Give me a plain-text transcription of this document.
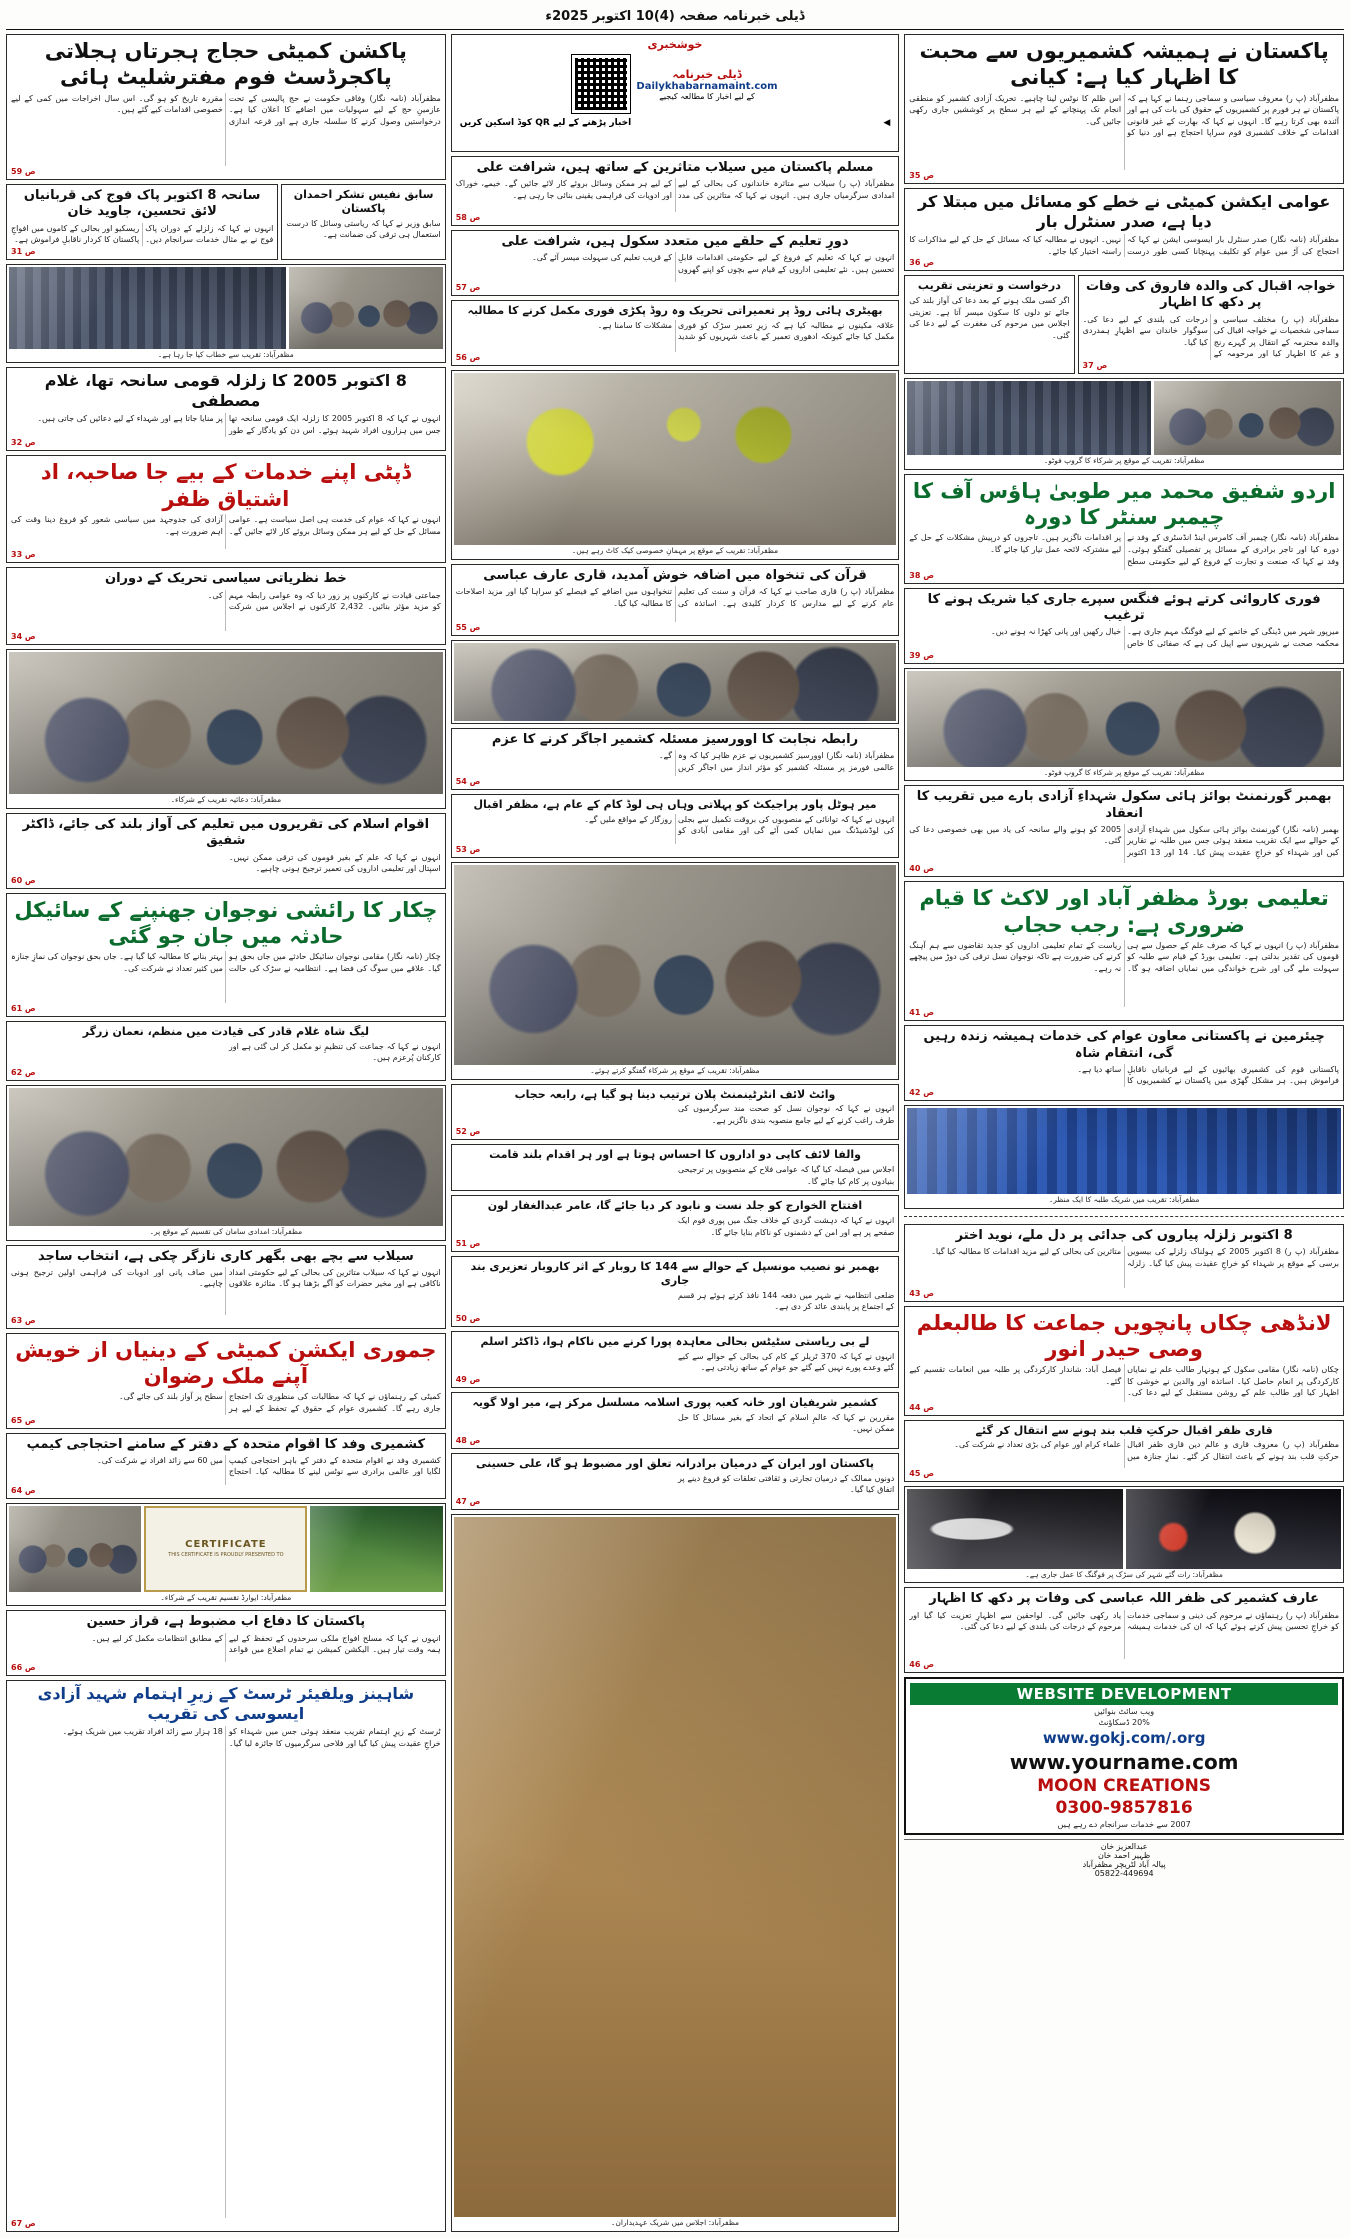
ڈیلی خبرنامہ صفحہ (4)10 اکتوبر 2025ء
پاکستان نے ہمیشہ کشمیریوں سے محبت کا اظہار کیا ہے: کیانی
مظفرآباد (پ ر) معروف سیاسی و سماجی رہنما نے کہا ہے کہ پاکستان نے ہر فورم پر کشمیریوں کے حقوق کی بات کی ہے اور آئندہ بھی کرتا رہے گا۔ انہوں نے کہا کہ بھارت کے غیر قانونی اقدامات کے خلاف کشمیری قوم سراپا احتجاج ہے اور دنیا کو اس ظلم کا نوٹس لینا چاہیے۔ تحریک آزادی کشمیر کو منطقی انجام تک پہنچانے کے لیے ہر سطح پر کوششیں جاری رکھی جائیں گی۔
35 ص
عوامی ایکشن کمیٹی نے خطے کو مسائل میں مبتلا کر دیا ہے، صدر سنٹرل بار
مظفرآباد (نامہ نگار) صدر سنٹرل بار ایسوسی ایشن نے کہا کہ احتجاج کی آڑ میں عوام کو تکلیف پہنچانا کسی طور درست نہیں۔ انہوں نے مطالبہ کیا کہ مسائل کے حل کے لیے مذاکرات کا راستہ اختیار کیا جائے۔
36 ص
درخواست و تعزیتی تقریب
اگر کسی ملک ہونے کے بعد دعا کی آواز بلند کی جائے تو دلوں کا سکون میسر آتا ہے۔ تعزیتی اجلاس میں مرحوم کی مغفرت کے لیے دعا کی گئی۔
خواجہ اقبال کی والدہ فاروق کی وفات پر دکھ کا اظہار
مظفرآباد (پ ر) مختلف سیاسی و سماجی شخصیات نے خواجہ اقبال کی والدہ محترمہ کے انتقال پر گہرے رنج و غم کا اظہار کیا اور مرحومہ کے درجات کی بلندی کے لیے دعا کی۔ سوگوار خاندان سے اظہارِ ہمدردی کیا گیا۔
37 ص
مظفرآباد: تقریب کے موقع پر شرکاء کا گروپ فوٹو۔
اردو شفیق محمد میر طوبیٰ ہاؤس آف کا چیمبر سنٹر کا دورہ
مظفرآباد (نامہ نگار) چیمبر آف کامرس اینڈ انڈسٹری کے وفد نے دورہ کیا اور تاجر برادری کے مسائل پر تفصیلی گفتگو ہوئی۔ وفد نے کہا کہ صنعت و تجارت کے فروغ کے لیے حکومتی سطح پر اقدامات ناگزیر ہیں۔ تاجروں کو درپیش مشکلات کے حل کے لیے مشترکہ لائحہ عمل تیار کیا جائے گا۔
38 ص
فوری کاروائی کرتے ہوئے فنگس سپرے جاری کیا شریک ہونے کا ترغیب
میرپور شہر میں ڈینگی کے خاتمے کے لیے فوگنگ مہم جاری ہے۔ محکمہ صحت نے شہریوں سے اپیل کی ہے کہ صفائی کا خاص خیال رکھیں اور پانی کھڑا نہ ہونے دیں۔
39 ص
مظفرآباد: تقریب کے موقع پر شرکاء کا گروپ فوٹو۔
بھمبر گورنمنٹ بوائز ہائی سکول شہداءِ آزادی بارے میں تقریب کا انعقاد
بھمبر (نامہ نگار) گورنمنٹ بوائز ہائی سکول میں شہداءِ آزادی کے حوالے سے ایک تقریب منعقد ہوئی جس میں طلبہ نے تقاریر کیں اور شہداء کو خراجِ عقیدت پیش کیا۔ 14 اور 13 اکتوبر 2005 کو ہونے والے سانحہ کی یاد میں بھی خصوصی دعا کی گئی۔
40 ص
تعلیمی بورڈ مظفر آباد اور لاکٹ کا قیام ضروری ہے: رجب حجاب
مظفرآباد (پ ر) انہوں نے کہا کہ صرف علم کے حصول سے ہی قوموں کی تقدیر بدلتی ہے۔ تعلیمی بورڈ کے قیام سے طلبہ کو سہولت ملے گی اور شرح خواندگی میں نمایاں اضافہ ہو گا۔ ریاست کے تمام تعلیمی اداروں کو جدید تقاضوں سے ہم آہنگ کرنے کی ضرورت ہے تاکہ نوجوان نسل ترقی کی دوڑ میں پیچھے نہ رہے۔
41 ص
چیئرمین نے پاکستانی معاون عوام کی خدمات ہمیشہ زندہ رہیں گی، انتقام شاہ
پاکستانی قوم کی کشمیری بھائیوں کے لیے قربانیاں ناقابلِ فراموش ہیں۔ ہر مشکل گھڑی میں پاکستان نے کشمیریوں کا ساتھ دیا ہے۔
42 ص
مظفرآباد: تقریب میں شریک طلبہ کا ایک منظر۔
8 اکتوبر زلزلہ پیاروں کی جدائی پر دل ملے، نوید اختر
مظفرآباد (پ ر) 8 اکتوبر 2005 کے ہولناک زلزلے کی بیسویں برسی کے موقع پر شہداء کو خراجِ عقیدت پیش کیا گیا۔ زلزلہ متاثرین کی بحالی کے لیے مزید اقدامات کا مطالبہ کیا گیا۔
43 ص
لانڈھی چکاں پانچویں جماعت کا طالبعلم وصی حیدر انور
چکاں (نامہ نگار) مقامی سکول کے ہونہار طالب علم نے نمایاں کارکردگی پر انعام حاصل کیا۔ اساتذہ اور والدین نے خوشی کا اظہار کیا اور طالب علم کے روشن مستقبل کے لیے دعا کی۔ فیصل آباد: شاندار کارکردگی پر طلبہ میں انعامات تقسیم کیے گئے۔
44 ص
قاری ظفر اقبال حرکتِ قلب بند ہونے سے انتقال کر گئے
مظفرآباد (پ ر) معروف قاری و عالم دین قاری ظفر اقبال حرکتِ قلب بند ہونے کے باعث انتقال کر گئے۔ نمازِ جنازہ میں علماء کرام اور عوام کی بڑی تعداد نے شرکت کی۔
45 ص
مظفرآباد: رات گئے شہر کی سڑک پر فوگنگ کا عمل جاری ہے۔
عارف کشمیر کی ظفر اللہ عباسی کی وفات پر دکھ کا اظہار
مظفرآباد (پ ر) رہنماؤں نے مرحوم کی دینی و سماجی خدمات کو خراجِ تحسین پیش کرتے ہوئے کہا کہ ان کی خدمات ہمیشہ یاد رکھی جائیں گی۔ لواحقین سے اظہارِ تعزیت کیا گیا اور مرحوم کے درجات کی بلندی کے لیے دعا کی گئی۔
46 ص
WEBSITE DEVELOPMENT
ویب سائٹ بنوائیں
20% ڈسکاؤنٹ
www.gokj.com/.org
www.yourname.com
MOON CREATIONS
0300-9857816
2007 سے خدمات سرانجام دے رہے ہیں
عبدالعزیز خان
ظہیر احمد خان
پیالہ آباد لٹریچر مظفرآباد
05822-449694
خوشخبری
ڈیلی خبرنامہ
Dailykhabarnamaint.com
کے لیے اخبار کا مطالعہ کیجیے
◀
اخبار پڑھنے کے لیے QR کوڈ اسکین کریں
مسلم پاکستان میں سیلاب متاثرین کے ساتھ ہیں، شرافت علی
مظفرآباد (پ ر) سیلاب سے متاثرہ خاندانوں کی بحالی کے لیے امدادی سرگرمیاں جاری ہیں۔ انہوں نے کہا کہ متاثرین کی مدد کے لیے ہر ممکن وسائل بروئے کار لائے جائیں گے۔ خیمے، خوراک اور ادویات کی فراہمی یقینی بنائی جا رہی ہے۔
58 ص
دورِ تعلیم کے حلقے میں متعدد سکول ہیں، شرافت علی
انہوں نے کہا کہ تعلیم کے فروغ کے لیے حکومتی اقدامات قابلِ تحسین ہیں۔ نئے تعلیمی اداروں کے قیام سے بچوں کو اپنے گھروں کے قریب تعلیم کی سہولت میسر آئے گی۔
57 ص
بھیٹری ہائی روڈ پر تعمیراتی تحریک وہ روڈ پکڑی فوری مکمل کرنے کا مطالبہ
علاقہ مکینوں نے مطالبہ کیا ہے کہ زیرِ تعمیر سڑک کو فوری مکمل کیا جائے کیونکہ ادھوری تعمیر کے باعث شہریوں کو شدید مشکلات کا سامنا ہے۔
56 ص
مظفرآباد: تقریب کے موقع پر مہمانِ خصوصی کیک کاٹ رہے ہیں۔
قرآن کی تنخواہ میں اضافہ خوش آمدید، قاری عارف عباسی
مظفرآباد (پ ر) قاری صاحب نے کہا کہ قرآن و سنت کی تعلیم عام کرنے کے لیے مدارس کا کردار کلیدی ہے۔ اساتذہ کی تنخواہوں میں اضافے کے فیصلے کو سراہا گیا اور مزید اصلاحات کا مطالبہ کیا گیا۔
55 ص
رابطہ نجابت کا اوورسیز مسئلہ کشمیر اجاگر کرنے کا عزم
مظفرآباد (نامہ نگار) اوورسیز کشمیریوں نے عزم ظاہر کیا کہ وہ عالمی فورمز پر مسئلہ کشمیر کو مؤثر انداز میں اجاگر کریں گے۔
54 ص
میر ہوٹل پاور پراجیکٹ کو پہلاتی وہاں ہی لوڈ کام کے عام ہے، مظفر اقبال
انہوں نے کہا کہ توانائی کے منصوبوں کی بروقت تکمیل سے بجلی کی لوڈشیڈنگ میں نمایاں کمی آئے گی اور مقامی آبادی کو روزگار کے مواقع ملیں گے۔
53 ص
مظفرآباد: تقریب کے موقع پر شرکاء گفتگو کرتے ہوئے۔
وائٹ لائف انٹرٹینمنٹ پلان ترتیب دینا ہو گیا ہے، رابعہ حجاب
انہوں نے کہا کہ نوجوان نسل کو صحت مند سرگرمیوں کی طرف راغب کرنے کے لیے جامع منصوبہ بندی ناگزیر ہے۔
52 ص
والفا لائف کاپی دو اداروں کا احساس ہوتا ہے اور ہر اقدام بلند قامت
اجلاس میں فیصلہ کیا گیا کہ عوامی فلاح کے منصوبوں پر ترجیحی بنیادوں پر کام کیا جائے گا۔
افتتاح الخوارج کو جلد نست و نابود کر دیا جائے گا، عامر عبدالغفار لون
انہوں نے کہا کہ دہشت گردی کے خلاف جنگ میں پوری قوم ایک صفحے پر ہے اور امن کے دشمنوں کو ناکام بنایا جائے گا۔
51 ص
بھمبر نو نصیب مونسپل کے حوالے سے 144 کا روبار کے اثر کاروبار تعزیری بند جاری
ضلعی انتظامیہ نے شہر میں دفعہ 144 نافذ کرتے ہوئے ہر قسم کے اجتماع پر پابندی عائد کر دی ہے۔
50 ص
لے بی ریاستی سٹیٹس بحالی معاہدہ پورا کرنے میں ناکام ہوا، ڈاکٹر اسلم
انہوں نے کہا کہ 370 ٹریلر کے کام کی بحالی کے حوالے سے کیے گئے وعدے پورے نہیں کیے گئے جو عوام کے ساتھ زیادتی ہے۔
49 ص
کشمیر شریفیان اور خانہ کعبہ پوری اسلامہ مسلسل مرکز ہے، میر اولا گویہ
مقررین نے کہا کہ عالمِ اسلام کے اتحاد کے بغیر مسائل کا حل ممکن نہیں۔
48 ص
پاکستان اور ایران کے درمیان برادرانہ تعلق اور مضبوط ہو گا، علی حسینی
دونوں ممالک کے درمیان تجارتی و ثقافتی تعلقات کو فروغ دینے پر اتفاق کیا گیا۔
47 ص
مظفرآباد: اجلاس میں شریک عہدیداران۔
پاکشن کمیٹی حجاج ہجرتاں ہجلاتی پاکجرڈسٹ فوم مفترشلیٹ ہائی
مظفرآباد (نامہ نگار) وفاقی حکومت نے حج پالیسی کے تحت عازمینِ حج کے لیے سہولیات میں اضافے کا اعلان کیا ہے۔ درخواستیں وصول کرنے کا سلسلہ جاری ہے اور قرعہ اندازی مقررہ تاریخ کو ہو گی۔ اس سال اخراجات میں کمی کے لیے خصوصی اقدامات کیے گئے ہیں۔
59 ص
سانحہ 8 اکتوبر پاک فوج کی قربانیاں لائق تحسین، جاوید خان
انہوں نے کہا کہ زلزلے کے دوران پاک فوج نے بے مثال خدمات سرانجام دیں۔ ریسکیو اور بحالی کے کاموں میں افواجِ پاکستان کا کردار ناقابلِ فراموش ہے۔
31 ص
سابق نفیس تشکر احمدان پاکستان
سابق وزیر نے کہا کہ ریاستی وسائل کا درست استعمال ہی ترقی کی ضمانت ہے۔
مظفرآباد: تقریب سے خطاب کیا جا رہا ہے۔
8 اکتوبر 2005 کا زلزلہ قومی سانحہ تھا، غلام مصطفی
انہوں نے کہا کہ 8 اکتوبر 2005 کا زلزلہ ایک قومی سانحہ تھا جس میں ہزاروں افراد شہید ہوئے۔ اس دن کو یادگار کے طور پر منایا جاتا ہے اور شہداء کے لیے دعائیں کی جاتی ہیں۔
32 ص
ڈپٹی اپنے خدمات کے بیے جا صاحبہ، اد اشتیاق ظفر
انہوں نے کہا کہ عوام کی خدمت ہی اصل سیاست ہے۔ عوامی مسائل کے حل کے لیے ہر ممکن وسائل بروئے کار لائے جائیں گے۔ آزادی کی جدوجہد میں سیاسی شعور کو فروغ دینا وقت کی اہم ضرورت ہے۔
33 ص
خط نظریاتی سیاسی تحریک کے دوران
جماعتی قیادت نے کارکنوں پر زور دیا کہ وہ عوامی رابطہ مہم کو مزید مؤثر بنائیں۔ 2,432 کارکنوں نے اجلاس میں شرکت کی۔
34 ص
مظفرآباد: دعائیہ تقریب کے شرکاء۔
اقوام اسلام کی تقریروں میں تعلیم کی آواز بلند کی جائے، ڈاکٹر شفیق
انہوں نے کہا کہ علم کے بغیر قوموں کی ترقی ممکن نہیں۔ اسپتال اور تعلیمی اداروں کی تعمیر ترجیح ہونی چاہیے۔
60 ص
چکار کا رائشی نوجوان جھنپنے کے سائیکل حادثہ میں جان جو گئی
چکار (نامہ نگار) مقامی نوجوان سائیکل حادثے میں جاں بحق ہو گیا۔ علاقے میں سوگ کی فضا ہے۔ انتظامیہ نے سڑک کی حالت بہتر بنانے کا مطالبہ کیا گیا ہے۔ جاں بحق نوجوان کی نمازِ جنازہ میں کثیر تعداد نے شرکت کی۔
61 ص
لیگ شاہ غلام قادر کی قیادت میں منظم، نعمان زرگر
انہوں نے کہا کہ جماعت کی تنظیمِ نو مکمل کر لی گئی ہے اور کارکنان پُرعزم ہیں۔
62 ص
مظفرآباد: امدادی سامان کی تقسیم کے موقع پر۔
سیلاب سے بچے بھی بگھر کاری نازگر چکی ہے، انتخاب ساجد
انہوں نے کہا کہ سیلاب متاثرین کی بحالی کے لیے حکومتی امداد ناکافی ہے اور مخیر حضرات کو آگے بڑھنا ہو گا۔ متاثرہ علاقوں میں صاف پانی اور ادویات کی فراہمی اولین ترجیح ہونی چاہیے۔
63 ص
جموری ایکشن کمیٹی کے دینیاں از خویش آپنے ملک رضوان
کمیٹی کے رہنماؤں نے کہا کہ مطالبات کی منظوری تک احتجاج جاری رہے گا۔ کشمیری عوام کے حقوق کے تحفظ کے لیے ہر سطح پر آواز بلند کی جائے گی۔
65 ص
کشمیری وفد کا اقوام متحدہ کے دفتر کے سامنے احتجاجی کیمپ
کشمیری وفد نے اقوام متحدہ کے دفتر کے باہر احتجاجی کیمپ لگایا اور عالمی برادری سے نوٹس لینے کا مطالبہ کیا۔ احتجاج میں 60 سے زائد افراد نے شرکت کی۔
64 ص
CERTIFICATE
THIS CERTIFICATE IS PROUDLY PRESENTED TO
مظفرآباد: ایوارڈ تقسیم تقریب کے شرکاء۔
پاکستان کا دفاع اب مضبوط ہے، قراز حسین
انہوں نے کہا کہ مسلح افواج ملکی سرحدوں کے تحفظ کے لیے ہمہ وقت تیار ہیں۔ الیکشن کمیشن نے تمام اضلاع میں قواعد کے مطابق انتظامات مکمل کر لیے ہیں۔
66 ص
شاہینز ویلفیئر ٹرسٹ کے زیرِ اہتمام شہید آزادی ایسوسی کی تقریب
ٹرسٹ کے زیرِ اہتمام تقریب منعقد ہوئی جس میں شہداء کو خراجِ عقیدت پیش کیا گیا اور فلاحی سرگرمیوں کا جائزہ لیا گیا۔ 18 ہزار سے زائد افراد تقریب میں شریک ہوئے۔
67 ص
